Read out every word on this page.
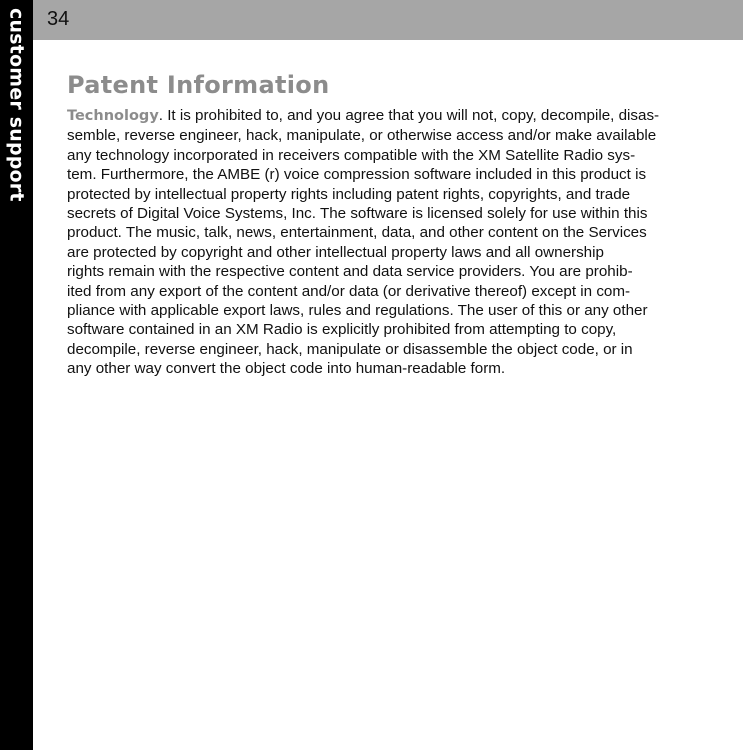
customer support 34
Patent Information

Technology. It is prohibited to, and you agree that you will not, copy, decompile, disas-
semble, reverse engineer, hack, manipulate, or otherwise access and/or make available
any technology incorporated in receivers compatible with the XM Satellite Radio sys-
tem. Furthermore, the AMBE (r) voice compression software included in this product is
protected by intellectual property rights including patent rights, copyrights, and trade
secrets of Digital Voice Systems, Inc. The software is licensed solely for use within this
product. The music, talk, news, entertainment, data, and other content on the Services
are protected by copyright and other intellectual property laws and all ownership
rights remain with the respective content and data service providers. You are prohib-
ited from any export of the content and/or data (or derivative thereof) except in com-
pliance with applicable export laws, rules and regulations. The user of this or any other
software contained in an XM Radio is explicitly prohibited from attempting to copy,
decompile, reverse engineer, hack, manipulate or disassemble the object code, or in
any other way convert the object code into human-readable form.
